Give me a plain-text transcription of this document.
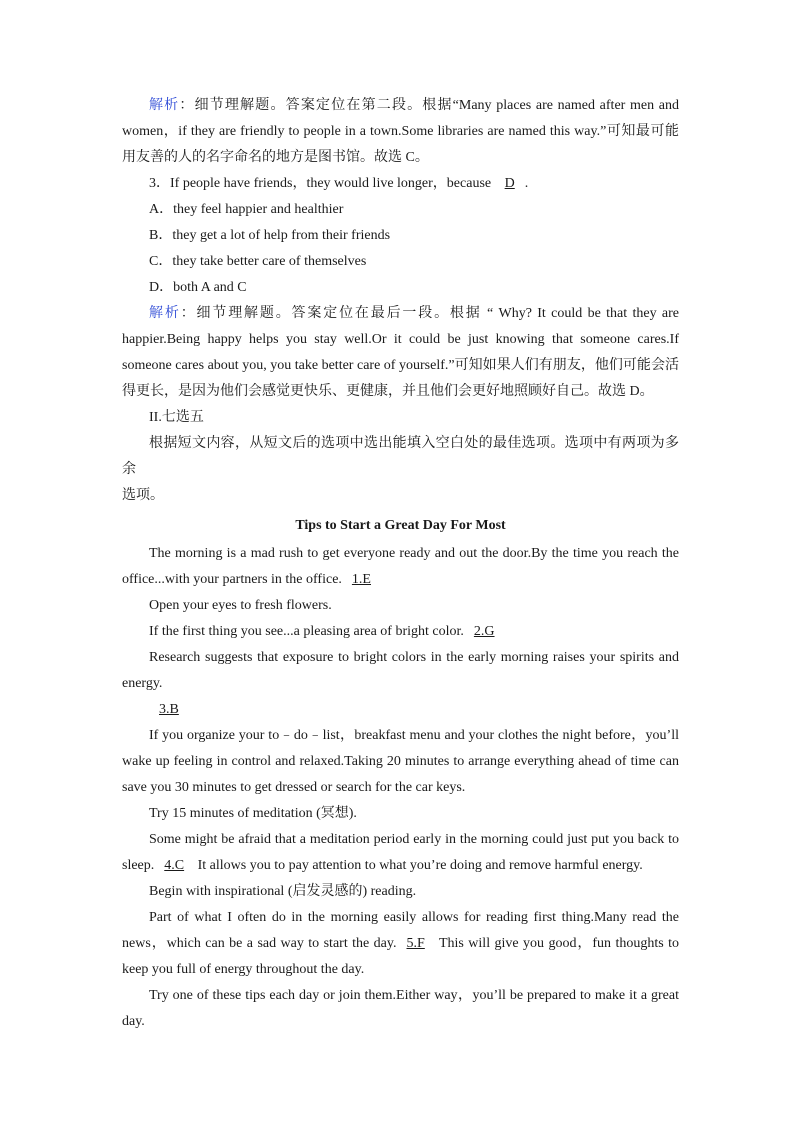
解析：细节理解题。答案定位在第二段。根据“Many places are named after men and

women，if they are friendly to people in a town.Some libraries are named this way.”可知最可能

用友善的人的名字命名的地方是图书馆。故选 C。

3．If people have friends，they would live longer，because D .

A．they feel happier and healthier

B．they get a lot of help from their friends

C．they take better care of themselves

D．both A and C

解析：细节理解题。答案定位在最后一段。根据 “ Why? It could be that they are

happier.Being happy helps you stay well.Or it could be just knowing that someone cares.If

someone cares about you, you take better care of yourself.”可知如果人们有朋友，他们可能会活

得更长，是因为他们会感觉更快乐、更健康，并且他们会更好地照顾好自己。故选 D。

II.七选五

根据短文内容，从短文后的选项中选出能填入空白处的最佳选项。选项中有两项为多余

选项。

Tips to Start a Great Day For Most

The morning is a mad rush to get everyone ready and out the door.By the time you reach the

office...with your partners in the office. 1.E

Open your eyes to fresh flowers.

If the first thing you see...a pleasing area of bright color. 2.G

Research suggests that exposure to bright colors in the early morning raises your spirits and

energy.

3.B

If you organize your to﹣do﹣list，breakfast menu and your clothes the night before，you’ll

wake up feeling in control and relaxed.Taking 20 minutes to arrange everything ahead of time can

save you 30 minutes to get dressed or search for the car keys.

Try 15 minutes of meditation (冥想).

Some might be afraid that a meditation period early in the morning could just put you back to

sleep. 4.C It allows you to pay attention to what you’re doing and remove harmful energy.

Begin with inspirational (启发灵感的) reading.

Part of what I often do in the morning easily allows for reading first thing.Many read the

news，which can be a sad way to start the day. 5.F This will give you good，fun thoughts to

keep you full of energy throughout the day.

Try one of these tips each day or join them.Either way，you’ll be prepared to make it a great

day.
